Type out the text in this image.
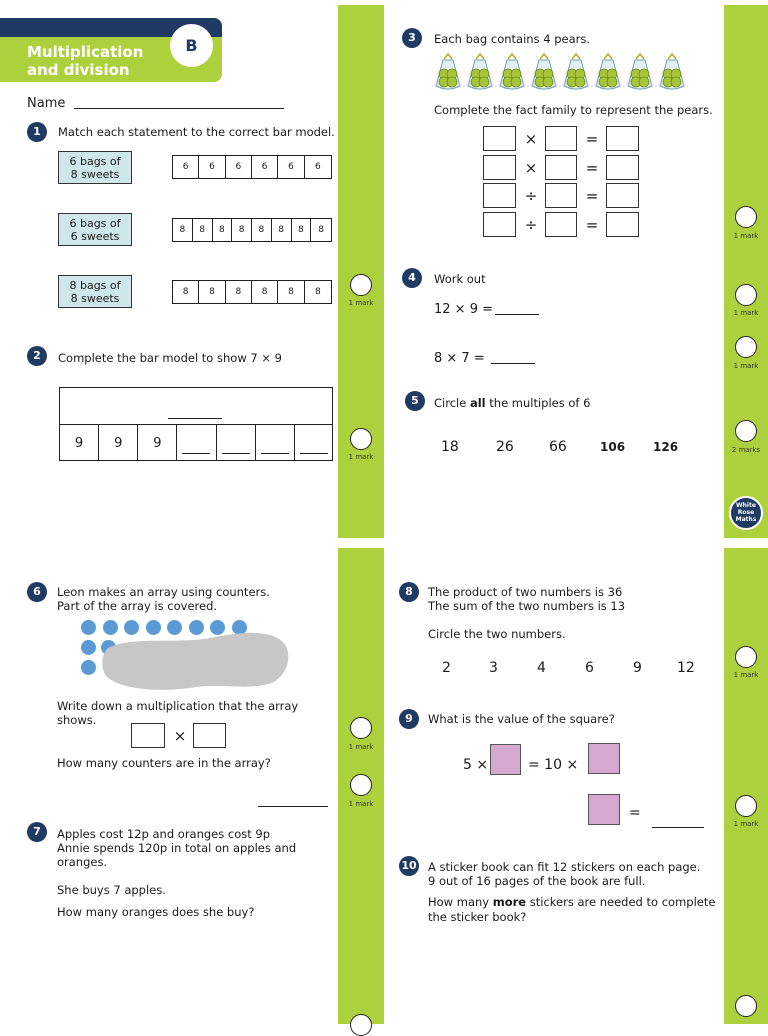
Multiplication
and division
B
Name
1	Match each statement to the correct bar model.
6 bags of
8 sweets
6 bags of
6 sweets
8 bags of
8 sweets
6	6	6	6	6	6
8	8	8	8	8	8	8	8
8	8	8	8	8	8
1 mark
2	Complete the bar model to show 7 × 9
9	9	9
1 mark
3	Each bag contains 4 pears.
Complete the fact family to represent the pears.
×	=
×	=
÷	=
÷	=
1 mark
4	Work out
12 × 9 =
8 × 7 =
1 mark
1 mark
5	Circle all the multiples of 6
18	26	66	106 126	2 marks
White
Rose
Maths
6	Leon makes an array using counters.
Part of the array is covered.
Write down a multiplication that the array
shows.
×
How many counters are in the array?
1 mark
1 mark
7	Apples cost 12p and oranges cost 9p
Annie spends 120p in total on apples and
oranges.
She buys 7 apples.
How many oranges does she buy?
8	The product of two numbers is 36
The sum of the two numbers is 13
Circle the two numbers.
2	3	4	6	9	12	1 mark
9	What is the value of the square?
5 ×	= 10 ×
=
1 mark
10 A sticker book can fit 12 stickers on each page.
9 out of 16 pages of the book are full.
How many more stickers are needed to complete
the sticker book?
